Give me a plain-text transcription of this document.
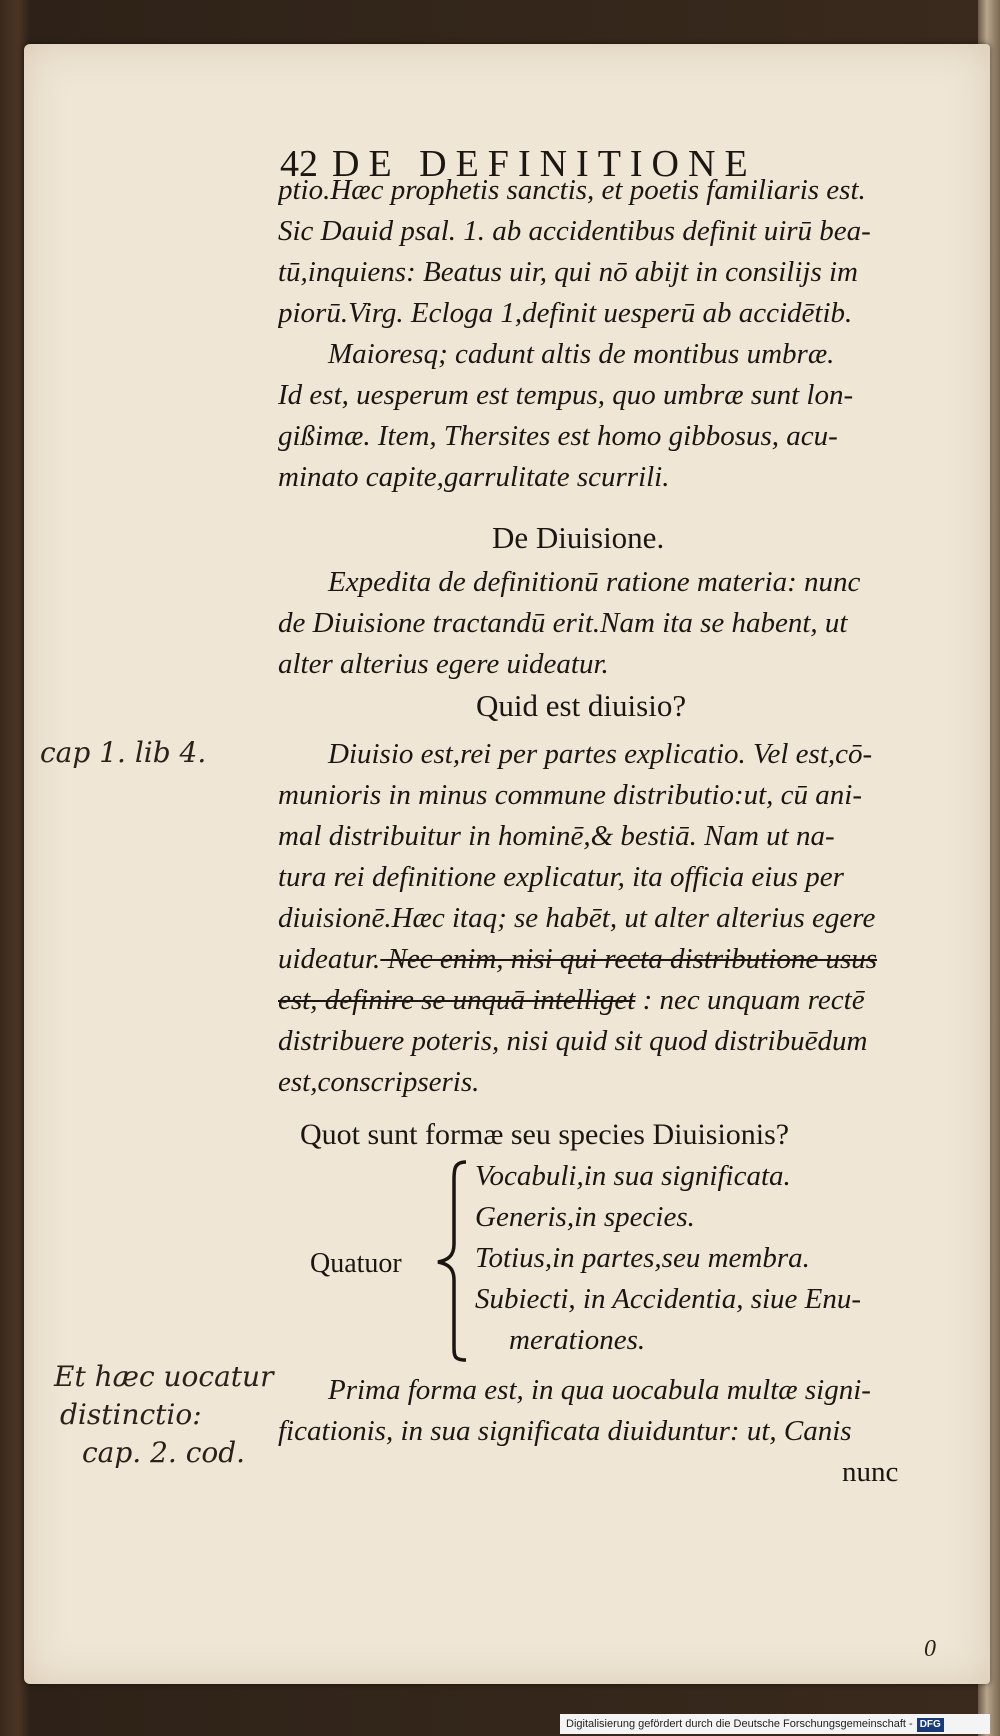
42 DE DEFINITIONE
ptio.Hæc prophetis sanctis, et poetis familiaris est.
Sic Dauid psal. 1. ab accidentibus definit uirū bea-
tū,inquiens: Beatus uir, qui nō abijt in consilijs im
piorū.Virg. Ecloga 1,definit uesperū ab accidētib.
Maioresq; cadunt altis de montibus umbræ.
Id est, uesperum est tempus, quo umbræ sunt lon-
gißimæ. Item, Thersites est homo gibbosus, acu-
minato capite,garrulitate scurrili.
De Diuisione.
Expedita de definitionū ratione materia: nunc
de Diuisione tractandū erit.Nam ita se habent, ut
alter alterius egere uideatur.
Quid est diuisio?
Diuisio est,rei per partes explicatio. Vel est,cō-
munioris in minus commune distributio:ut, cū ani-
mal distribuitur in hominē,& bestiā. Nam ut na-
tura rei definitione explicatur, ita officia eius per
diuisionē.Hæc itaq; se habēt, ut alter alterius egere
uideatur. Nec enim, nisi qui recta distributione usus
est, definire se unquā intelliget : nec unquam rectē
distribuere poteris, nisi quid sit quod distribuēdum
est,conscripseris.
Quot sunt formæ seu species Diuisionis?
Quatuor
Vocabuli,in sua significata.
Generis,in species.
Totius,in partes,seu membra.
Subiecti, in Accidentia, siue Enu-
merationes.
Prima forma est, in qua uocabula multæ signi-
ficationis, in sua significata diuiduntur: ut, Canis
nunc
cap 1. lib 4.
Et hæc uocatur
distinctio:
cap. 2. cod.
0
Digitalisierung gefördert durch die Deutsche Forschungsgemeinschaft - DFG
